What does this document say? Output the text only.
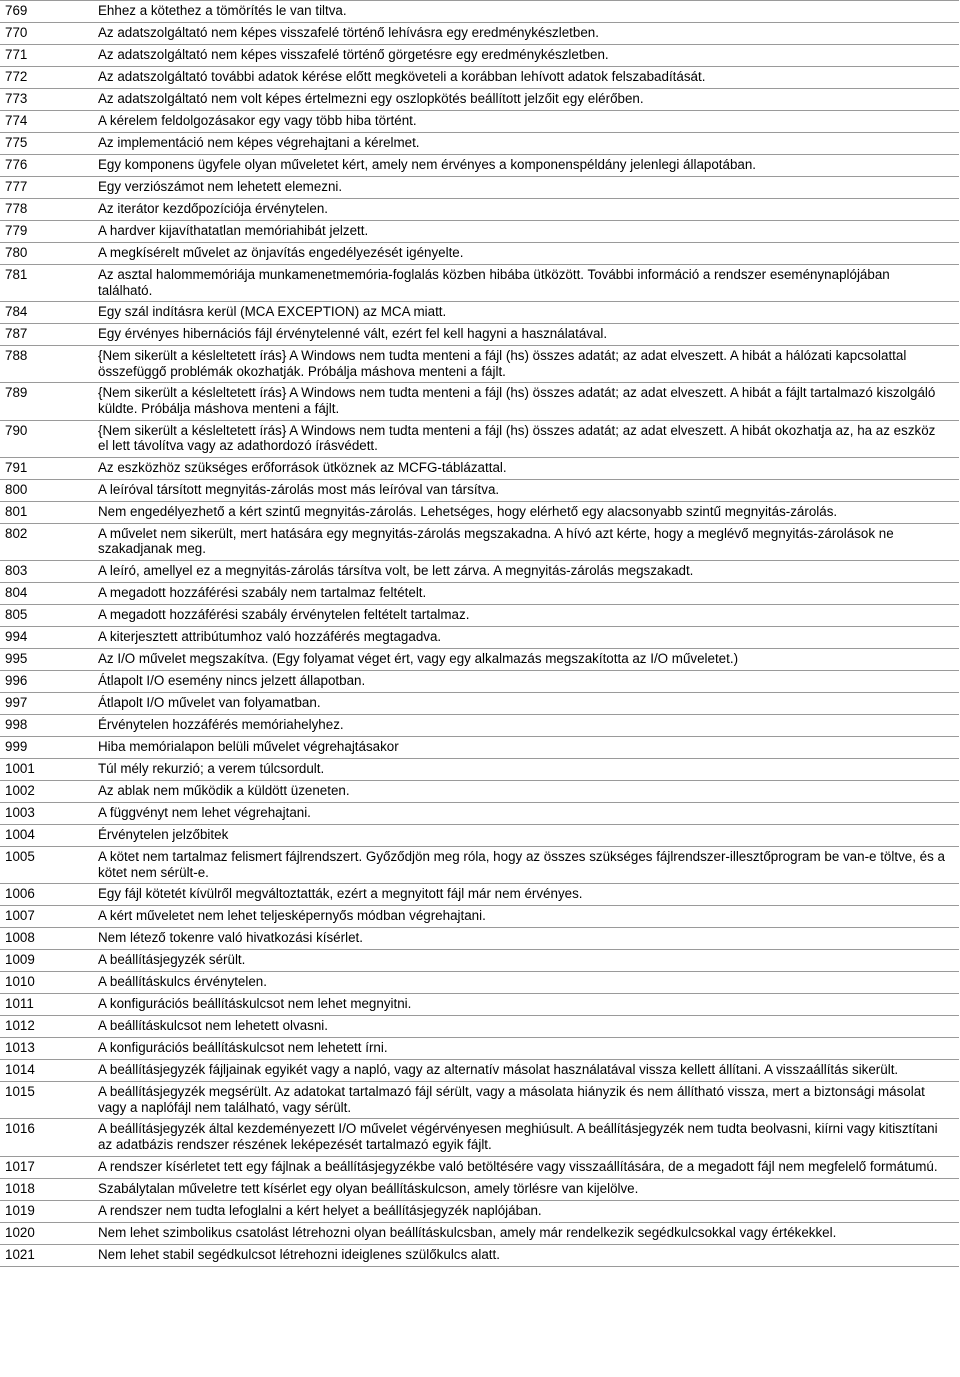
769	Ehhez a kötethez a tömörítés le van tiltva.
770	Az adatszolgáltató nem képes visszafelé történő lehívásra egy eredménykészletben.
771	Az adatszolgáltató nem képes visszafelé történő görgetésre egy eredménykészletben.
772	Az adatszolgáltató további adatok kérése előtt megköveteli a korábban lehívott adatok felszabadítását.
773	Az adatszolgáltató nem volt képes értelmezni egy oszlopkötés beállított jelzőit egy elérőben.
774	A kérelem feldolgozásakor egy vagy több hiba történt.
775	Az implementáció nem képes végrehajtani a kérelmet.
776	Egy komponens ügyfele olyan műveletet kért, amely nem érvényes a komponenspéldány jelenlegi állapotában.
777	Egy verziószámot nem lehetett elemezni.
778	Az iterátor kezdőpozíciója érvénytelen.
779	A hardver kijavíthatatlan memóriahibát jelzett.
780	A megkísérelt művelet az önjavítás engedélyezését igényelte.
781	Az asztal halommemóriája munkamenetmemória-foglalás közben hibába ütközött. További információ a rendszer eseménynaplójában található.
784	Egy szál indításra kerül (MCA EXCEPTION) az MCA miatt.
787	Egy érvényes hibernációs fájl érvénytelenné vált, ezért fel kell hagyni a használatával.
788	{Nem sikerült a késleltetett írás} A Windows nem tudta menteni a fájl (hs) összes adatát; az adat elveszett. A hibát a hálózati kapcsolattal összefüggő problémák okozhatják. Próbálja máshova menteni a fájlt.
789	{Nem sikerült a késleltetett írás} A Windows nem tudta menteni a fájl (hs) összes adatát; az adat elveszett. A hibát a fájlt tartalmazó kiszolgáló küldte. Próbálja máshova menteni a fájlt.
790	{Nem sikerült a késleltetett írás} A Windows nem tudta menteni a fájl (hs) összes adatát; az adat elveszett. A hibát okozhatja az, ha az eszköz el lett távolítva vagy az adathordozó írásvédett.
791	Az eszközhöz szükséges erőforrások ütköznek az MCFG-táblázattal.
800	A leíróval társított megnyitás-zárolás most más leíróval van társítva.
801	Nem engedélyezhető a kért szintű megnyitás-zárolás. Lehetséges, hogy elérhető egy alacsonyabb szintű megnyitás-zárolás.
802	A művelet nem sikerült, mert hatására egy megnyitás-zárolás megszakadna. A hívó azt kérte, hogy a meglévő megnyitás-zárolások ne szakadjanak meg.
803	A leíró, amellyel ez a megnyitás-zárolás társítva volt, be lett zárva. A megnyitás-zárolás megszakadt.
804	A megadott hozzáférési szabály nem tartalmaz feltételt.
805	A megadott hozzáférési szabály érvénytelen feltételt tartalmaz.
994	A kiterjesztett attribútumhoz való hozzáférés megtagadva.
995	Az I/O művelet megszakítva. (Egy folyamat véget ért, vagy egy alkalmazás megszakította az I/O műveletet.)
996	Átlapolt I/O esemény nincs jelzett állapotban.
997	Átlapolt I/O művelet van folyamatban.
998	Érvénytelen hozzáférés memóriahelyhez.
999	Hiba memórialapon belüli művelet végrehajtásakor
1001	Túl mély rekurzió; a verem túlcsordult.
1002	Az ablak nem működik a küldött üzeneten.
1003	A függvényt nem lehet végrehajtani.
1004	Érvénytelen jelzőbitek
1005	A kötet nem tartalmaz felismert fájlrendszert. Győződjön meg róla, hogy az összes szükséges fájlrendszer-illesztőprogram be van-e töltve, és a kötet nem sérült-e.
1006	Egy fájl kötetét kívülről megváltoztatták, ezért a megnyitott fájl már nem érvényes.
1007	A kért műveletet nem lehet teljesképernyős módban végrehajtani.
1008	Nem létező tokenre való hivatkozási kísérlet.
1009	A beállításjegyzék sérült.
1010	A beállításkulcs érvénytelen.
1011	A konfigurációs beállításkulcsot nem lehet megnyitni.
1012	A beállításkulcsot nem lehetett olvasni.
1013	A konfigurációs beállításkulcsot nem lehetett írni.
1014	A beállításjegyzék fájljainak egyikét vagy a napló, vagy az alternatív másolat használatával vissza kellett állítani. A visszaállítás sikerült.
1015	A beállításjegyzék megsérült. Az adatokat tartalmazó fájl sérült, vagy a másolata hiányzik és nem állítható vissza, mert a biztonsági másolat vagy a naplófájl nem található, vagy sérült.
1016	A beállításjegyzék által kezdeményezett I/O művelet végérvényesen meghiúsult. A beállításjegyzék nem tudta beolvasni, kiírni vagy kitisztítani az adatbázis rendszer részének leképezését tartalmazó egyik fájlt.
1017	A rendszer kísérletet tett egy fájlnak a beállításjegyzékbe való betöltésére vagy visszaállítására, de a megadott fájl nem megfelelő formátumú.
1018	Szabálytalan műveletre tett kísérlet egy olyan beállításkulcson, amely törlésre van kijelölve.
1019	A rendszer nem tudta lefoglalni a kért helyet a beállításjegyzék naplójában.
1020	Nem lehet szimbolikus csatolást létrehozni olyan beállításkulcsban, amely már rendelkezik segédkulcsokkal vagy értékekkel.
1021	Nem lehet stabil segédkulcsot létrehozni ideiglenes szülőkulcs alatt.
